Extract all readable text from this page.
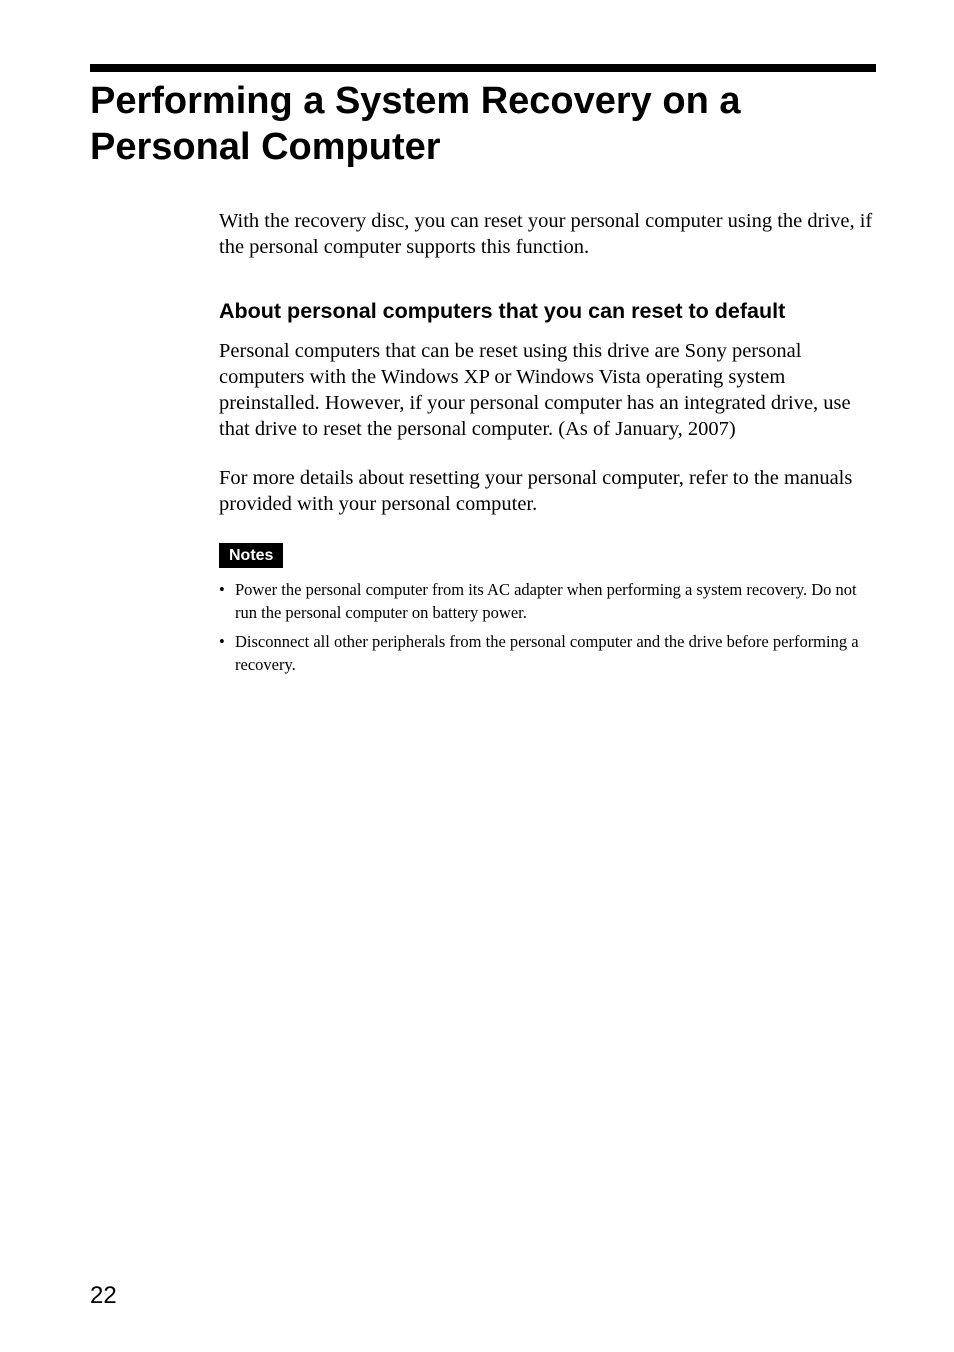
Performing a System Recovery on a Personal Computer

With the recovery disc, you can reset your personal computer using the drive, if the personal computer supports this function.

About personal computers that you can reset to default

Personal computers that can be reset using this drive are Sony personal computers with the Windows XP or Windows Vista operating system preinstalled. However, if your personal computer has an integrated drive, use that drive to reset the personal computer. (As of January, 2007)

For more details about resetting your personal computer, refer to the manuals provided with your personal computer.

Notes
• Power the personal computer from its AC adapter when performing a system recovery. Do not run the personal computer on battery power.
• Disconnect all other peripherals from the personal computer and the drive before performing a recovery.
22
